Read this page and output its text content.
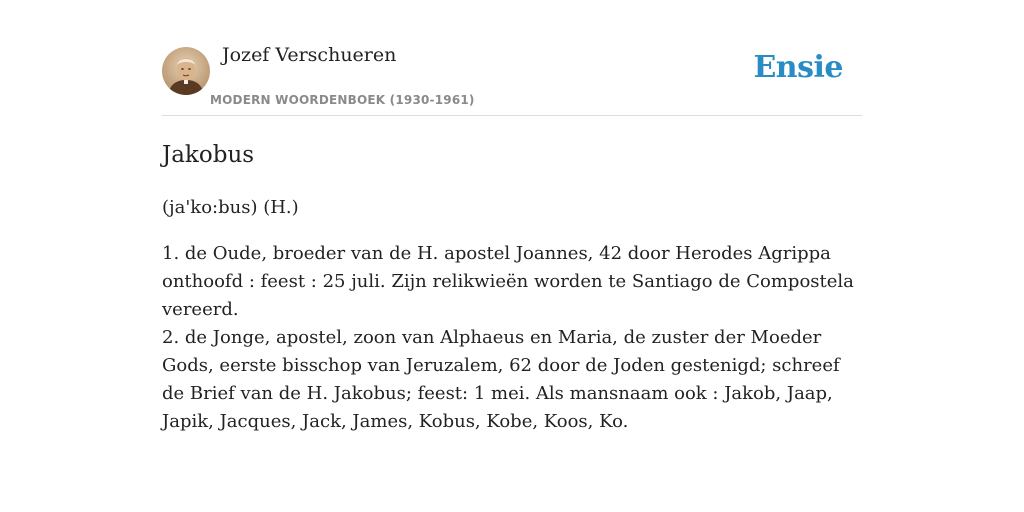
Jozef Verschueren
MODERN WOORDENBOEK (1930-1961)
Ensie
Jakobus
(ja'ko:bus) (H.)

1. de Oude, broeder van de H. apostel Joannes, 42 door Herodes Agrippa onthoofd : feest : 25 juli. Zijn relikwieën worden te Santiago de Compostela vereerd.

2. de Jonge, apostel, zoon van Alphaeus en Maria, de zuster der Moeder Gods, eerste bisschop van Jeruzalem, 62 door de Joden gestenigd; schreef de Brief van de H. Jakobus; feest: 1 mei. Als mansnaam ook : Jakob, Jaap, Japik, Jacques, Jack, James, Kobus, Kobe, Koos, Ko.
